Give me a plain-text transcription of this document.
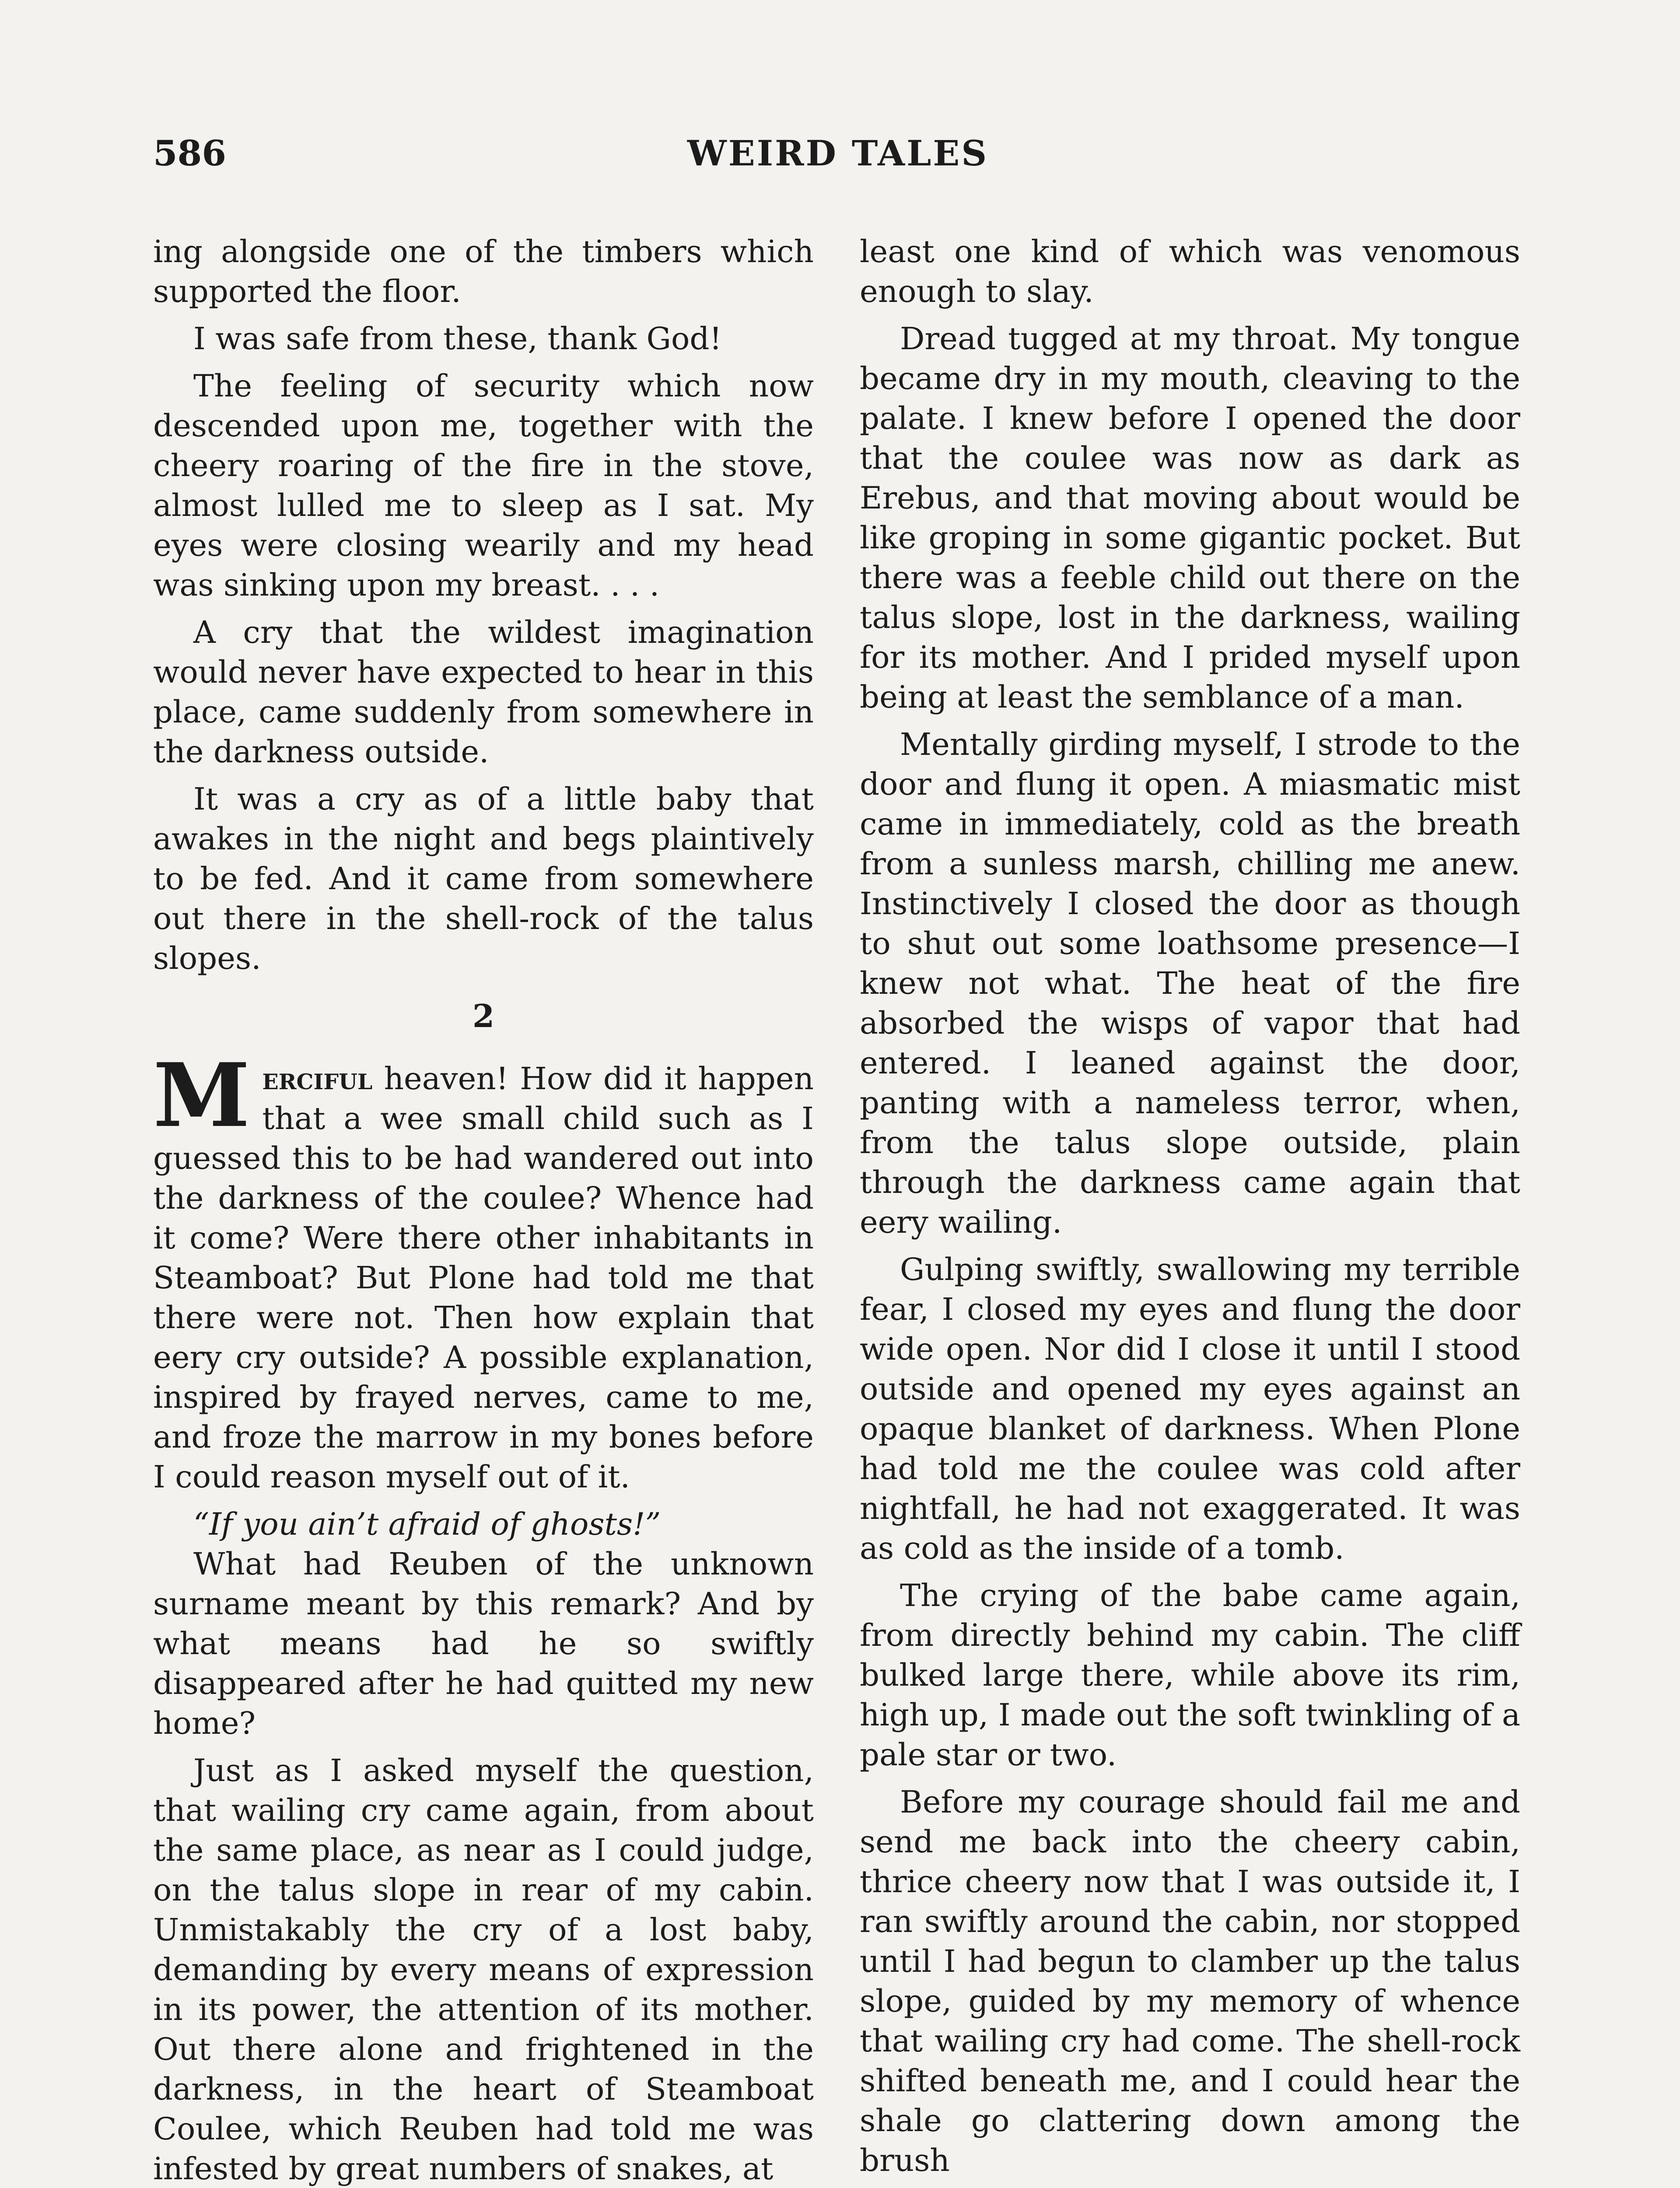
586	WEIRD TALES

ing alongside one of the timbers which supported the floor.

I was safe from these, thank God!

The feeling of security which now descended upon me, together with the cheery roaring of the fire in the stove, almost lulled me to sleep as I sat. My eyes were closing wearily and my head was sinking upon my breast. . . .

A cry that the wildest imagination would never have expected to hear in this place, came suddenly from somewhere in the darkness outside.

It was a cry as of a little baby that awakes in the night and begs plaintively to be fed. And it came from somewhere out there in the shell-rock of the talus slopes.

2

Merciful heaven! How did it happen that a wee small child such as I guessed this to be had wandered out into the darkness of the coulee? Whence had it come? Were there other inhabitants in Steamboat? But Plone had told me that there were not. Then how explain that eery cry outside? A possible explanation, inspired by frayed nerves, came to me, and froze the marrow in my bones before I could reason myself out of it.

“If you ain’t afraid of ghosts!”

What had Reuben of the unknown surname meant by this remark? And by what means had he so swiftly disappeared after he had quitted my new home?

Just as I asked myself the question, that wailing cry came again, from about the same place, as near as I could judge, on the talus slope in rear of my cabin. Unmistakably the cry of a lost baby, demanding by every means of expression in its power, the attention of its mother. Out there alone and frightened in the darkness, in the heart of Steamboat Coulee, which Reuben had told me was infested by great numbers of snakes, at

least one kind of which was venomous enough to slay.

Dread tugged at my throat. My tongue became dry in my mouth, cleaving to the palate. I knew before I opened the door that the coulee was now as dark as Erebus, and that moving about would be like groping in some gigantic pocket. But there was a feeble child out there on the talus slope, lost in the darkness, wailing for its mother. And I prided myself upon being at least the semblance of a man.

Mentally girding myself, I strode to the door and flung it open. A miasmatic mist came in immediately, cold as the breath from a sunless marsh, chilling me anew. Instinctively I closed the door as though to shut out some loathsome presence—I knew not what. The heat of the fire absorbed the wisps of vapor that had entered. I leaned against the door, panting with a nameless terror, when, from the talus slope outside, plain through the darkness came again that eery wailing.

Gulping swiftly, swallowing my terrible fear, I closed my eyes and flung the door wide open. Nor did I close it until I stood outside and opened my eyes against an opaque blanket of darkness. When Plone had told me the coulee was cold after nightfall, he had not exaggerated. It was as cold as the inside of a tomb.

The crying of the babe came again, from directly behind my cabin. The cliff bulked large there, while above its rim, high up, I made out the soft twinkling of a pale star or two.

Before my courage should fail me and send me back into the cheery cabin, thrice cheery now that I was outside it, I ran swiftly around the cabin, nor stopped until I had begun to clamber up the talus slope, guided by my memory of whence that wailing cry had come. The shell-rock shifted beneath me, and I could hear the shale go clattering down among the brush
